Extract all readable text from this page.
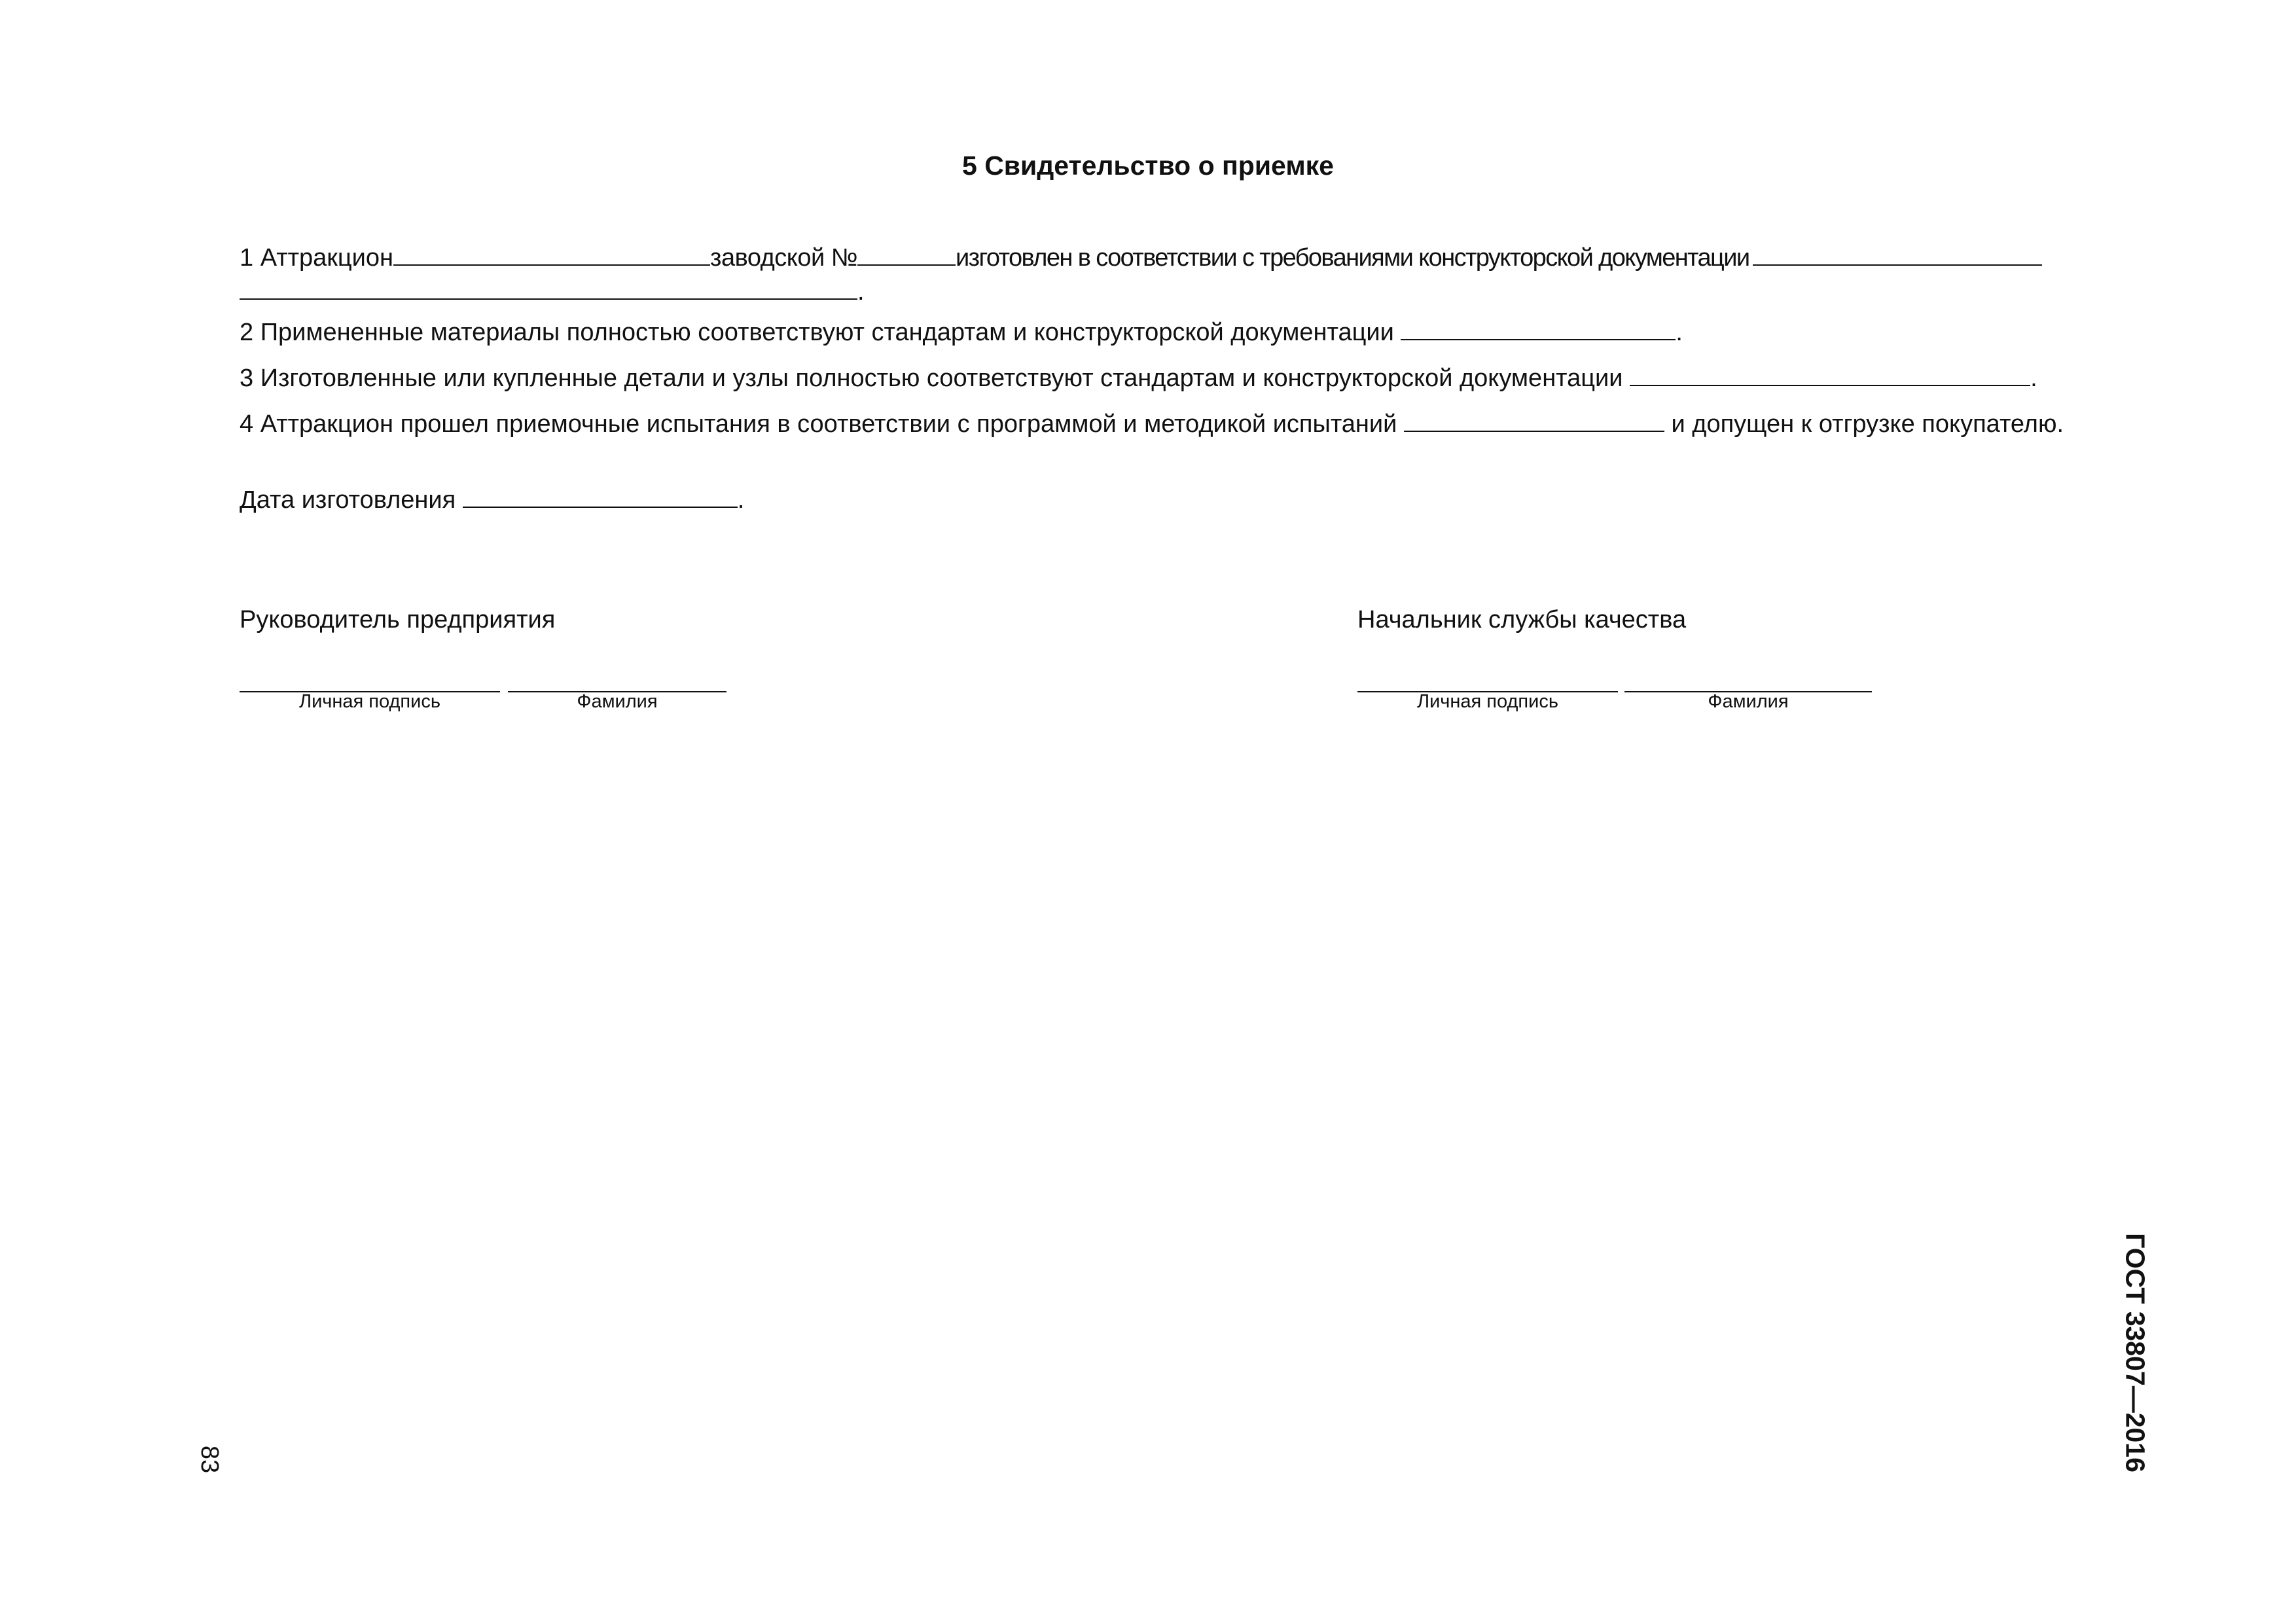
5 Свидетельство о приемке
1 Аттракцион	заводской №	изготовлен в соответствии с требованиями конструкторской документации
.
2 Примененные материалы полностью соответствуют стандартам и конструкторской документации	.
3 Изготовленные или купленные детали и узлы полностью соответствуют стандартам и конструкторской документации	.
4 Аттракцион прошел приемочные испытания в соответствии с программой и методикой испытаний	и допущен к отгрузке покупателю.
Дата изготовления	.
Руководитель предприятия
Личная подпись	Фамилия
Начальник службы качества
Личная подпись	Фамилия
83	ГОСТ 33807—2016
